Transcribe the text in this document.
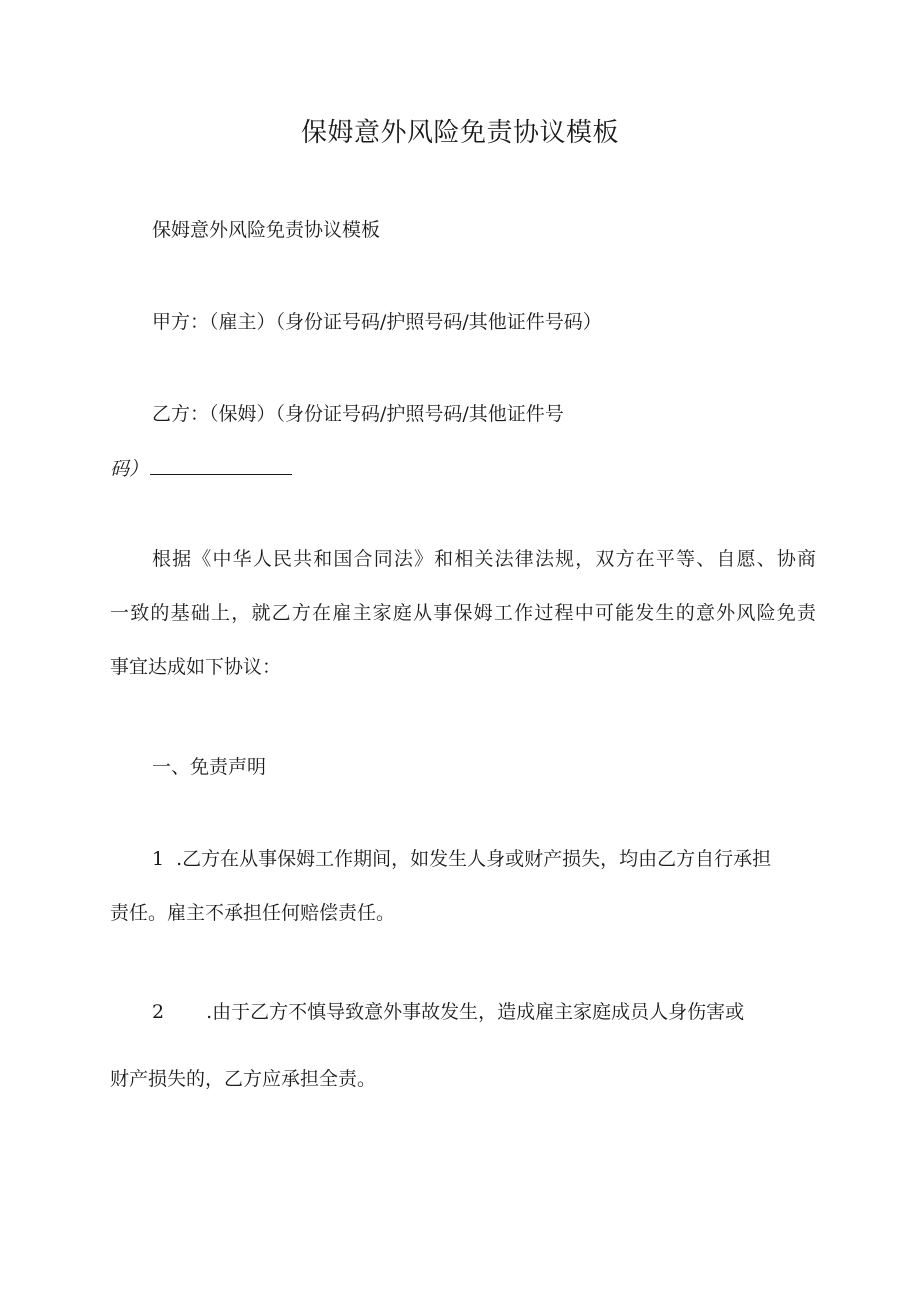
保姆意外风险免责协议模板
保姆意外风险免责协议模板
甲方：（雇主）（身份证号码/护照号码/其他证件号码）
乙方：（保姆）（身份证号码/护照号码/其他证件号
码）
根据《中华人民共和国合同法》和相关法律法规，双方在平等、自愿、协商
一致的基础上，就乙方在雇主家庭从事保姆工作过程中可能发生的意外风险免责
事宜达成如下协议：
一、免责声明
1 .乙方在从事保姆工作期间，如发生人身或财产损失，均由乙方自行承担
责任。雇主不承担任何赔偿责任。
2 .由于乙方不慎导致意外事故发生，造成雇主家庭成员人身伤害或
财产损失的，乙方应承担全责。
